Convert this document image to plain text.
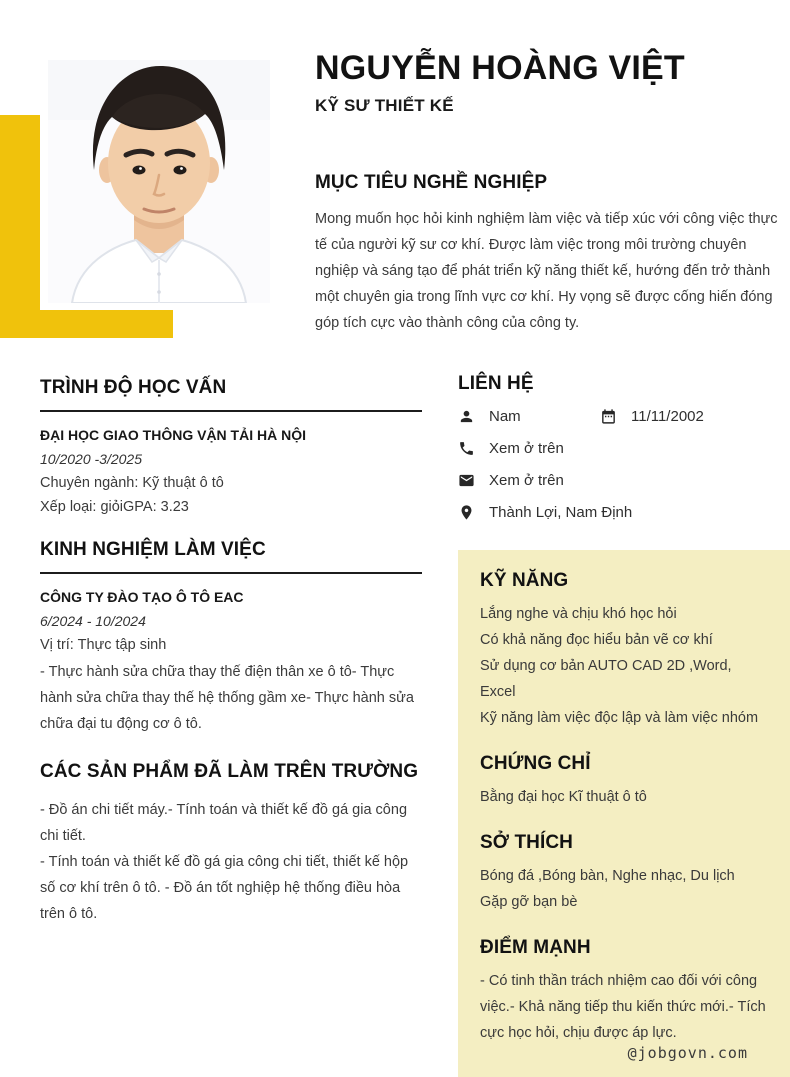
NGUYỄN HOÀNG VIỆT
KỸ SƯ THIẾT KẾ
MỤC TIÊU NGHỀ NGHIỆP
Mong muốn học hỏi kinh nghiệm làm việc và tiếp xúc với công việc thực tế của người kỹ sư cơ khí. Được làm việc trong môi trường chuyên nghiệp và sáng tạo để phát triển kỹ năng thiết kế, hướng đến trở thành một chuyên gia trong lĩnh vực cơ khí. Hy vọng sẽ được cống hiến đóng góp tích cực vào thành công của công ty.
TRÌNH ĐỘ HỌC VẤN
ĐẠI HỌC GIAO THÔNG VẬN TẢI HÀ NỘI
10/2020 -3/2025
Chuyên ngành: Kỹ thuật ô tô
Xếp loại: giỏiGPA: 3.23
KINH NGHIỆM LÀM VIỆC
CÔNG TY ĐÀO TẠO Ô TÔ EAC
6/2024 - 10/2024
Vị trí: Thực tập sinh
- Thực hành sửa chữa thay thế điện thân xe ô tô- Thực hành sửa chữa thay thế hệ thống gầm xe- Thực hành sửa chữa đại tu động cơ ô tô.
CÁC SẢN PHẨM ĐÃ LÀM TRÊN TRƯỜNG
- Đồ án chi tiết máy.- Tính toán và thiết kế đồ gá gia công chi tiết.
- Tính toán và thiết kế đồ gá gia công chi tiết, thiết kế hộp số cơ khí trên ô tô. - Đồ án tốt nghiệp hệ thống điều hòa trên ô tô.
LIÊN HỆ
Nam	11/11/2002
Xem ở trên
Xem ở trên
Thành Lợi, Nam Định
KỸ NĂNG
Lắng nghe và chịu khó học hỏi
Có khả năng đọc hiểu bản vẽ cơ khí
Sử dụng cơ bản AUTO CAD 2D ,Word, Excel
Kỹ năng làm việc độc lập và làm việc nhóm
CHỨNG CHỈ
Bằng đại học Kĩ thuật ô tô
SỞ THÍCH
Bóng đá ,Bóng bàn, Nghe nhạc, Du lịch Gặp gỡ bạn bè
ĐIỂM MẠNH
- Có tinh thần trách nhiệm cao đối với công việc.- Khả năng tiếp thu kiến thức mới.- Tích cực học hỏi, chịu được áp lực.
@jobgovn.com
